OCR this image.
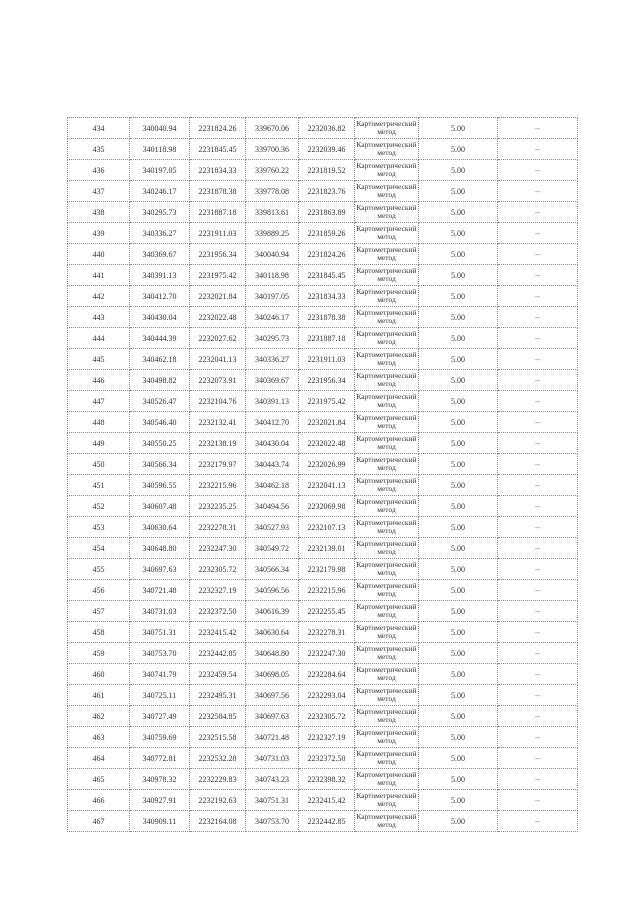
434	340040.94	2231824.26	339670.06	2232036.82	Картометрический метод	5.00	--
435	340118.98	2231845.45	339700.36	2232039.46	Картометрический метод	5.00	--
436	340197.05	2231834.33	339760.22	2231819.52	Картометрический метод	5.00	--
437	340246.17	2231878.38	339778.08	2231823.76	Картометрический метод	5.00	--
438	340295.73	2231887.18	339813.61	2231863.89	Картометрический метод	5.00	--
439	340336.27	2231911.03	339889.25	2231859.26	Картометрический метод	5.00	--
440	340369.67	2231956.34	340040.94	2231824.26	Картометрический метод	5.00	--
441	340391.13	2231975.42	340118.98	2231845.45	Картометрический метод	5.00	--
442	340412.70	2232021.84	340197.05	2231834.33	Картометрический метод	5.00	--
443	340430.04	2232022.48	340246.17	2231878.38	Картометрический метод	5.00	--
444	340444.39	2232027.62	340295.73	2231887.18	Картометрический метод	5.00	--
445	340462.18	2232041.13	340336.27	2231911.03	Картометрический метод	5.00	--
446	340498.82	2232073.91	340369.67	2231956.34	Картометрический метод	5.00	--
447	340526.47	2232104.76	340391.13	2231975.42	Картометрический метод	5.00	--
448	340546.40	2232132.41	340412.70	2232021.84	Картометрический метод	5.00	--
449	340550.25	2232138.19	340430.04	2232022.48	Картометрический метод	5.00	--
450	340566.34	2232179.97	340443.74	2232026.99	Картометрический метод	5.00	--
451	340596.55	2232215.96	340462.18	2232041.13	Картометрический метод	5.00	--
452	340607.48	2232235.25	340494.56	2232069.98	Картометрический метод	5.00	--
453	340630.64	2232278.31	340527.93	2232107.13	Картометрический метод	5.00	--
454	340648.80	2232247.30	340549.72	2232139.01	Картометрический метод	5.00	--
455	340697.63	2232305.72	340566.34	2232179.98	Картометрический метод	5.00	--
456	340721.48	2232327.19	340596.56	2232215.96	Картометрический метод	5.00	--
457	340731.03	2232372.50	340616.39	2232255.45	Картометрический метод	5.00	--
458	340751.31	2232415.42	340630.64	2232278.31	Картометрический метод	5.00	--
459	340753.70	2232442.85	340648.80	2232247.30	Картометрический метод	5.00	--
460	340741.79	2232459.54	340698.05	2232284.64	Картометрический метод	5.00	--
461	340725.11	2232495.31	340697.56	2232293.04	Картометрический метод	5.00	--
462	340727.49	2232504.85	340697.63	2232305.72	Картометрический метод	5.00	--
463	340759.69	2232515.58	340721.48	2232327.19	Картометрический метод	5.00	--
464	340772.81	2232532.28	340731.03	2232372.50	Картометрический метод	5.00	--
465	340978.32	2232229.83	340743.23	2232398.32	Картометрический метод	5.00	--
466	340927.91	2232192.63	340751.31	2232415.42	Картометрический метод	5.00	--
467	340909.11	2232164.08	340753.70	2232442.85	Картометрический метод	5.00	--
